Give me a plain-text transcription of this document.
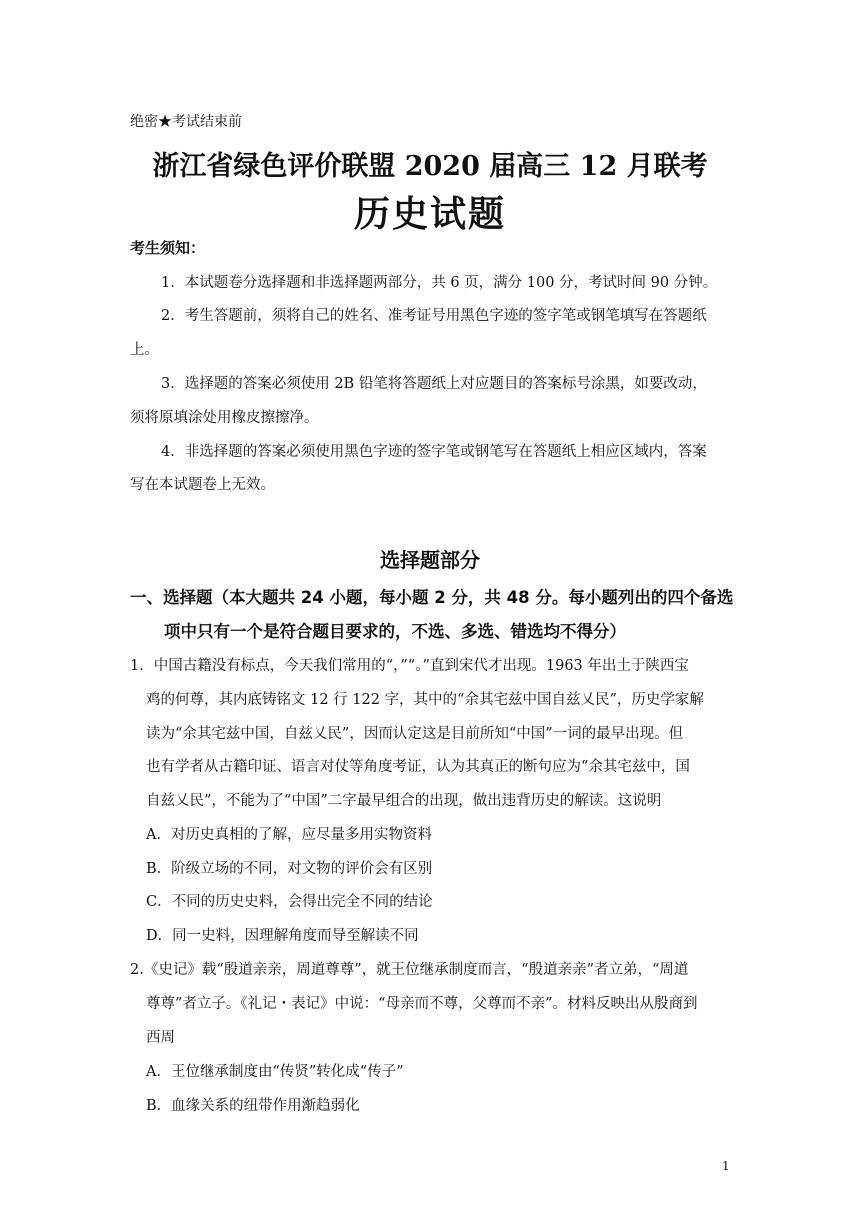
绝密★考试结束前
浙江省绿色评价联盟 2020 届高三 12 月联考
历史试题
考生须知：
1．本试题卷分选择题和非选择题两部分，共 6 页，满分 100 分，考试时间 90 分钟。
2．考生答题前，须将自己的姓名、准考证号用黑色字迹的签字笔或钢笔填写在答题纸
上。
3．选择题的答案必须使用 2B 铅笔将答题纸上对应题目的答案标号涂黑，如要改动，
须将原填涂处用橡皮擦擦净。
4．非选择题的答案必须使用黑色字迹的签字笔或钢笔写在答题纸上相应区域内，答案
写在本试题卷上无效。
选择题部分
一、选择题（本大题共 24 小题，每小题 2 分，共 48 分。每小题列出的四个备选
项中只有一个是符合题目要求的，不选、多选、错选均不得分）
1．中国古籍没有标点，今天我们常用的“，”“。”直到宋代才出现。1963 年出土于陕西宝
鸡的何尊，其内底铸铭文 12 行 122 字，其中的“余其宅兹中国自兹乂民”，历史学家解
读为“余其宅兹中国，自兹乂民”，因而认定这是目前所知“中国”一词的最早出现。但
也有学者从古籍印证、语言对仗等角度考证，认为其真正的断句应为“余其宅兹中，国
自兹乂民”，不能为了“中国”二字最早组合的出现，做出违背历史的解读。这说明
A．对历史真相的了解，应尽量多用实物资料
B．阶级立场的不同，对文物的评价会有区别
C．不同的历史史料，会得出完全不同的结论
D．同一史料，因理解角度而导至解读不同
2.《史记》载“殷道亲亲，周道尊尊”，就王位继承制度而言，“殷道亲亲”者立弟，“周道
尊尊”者立子。《礼记・表记》中说：“母亲而不尊，父尊而不亲”。材料反映出从殷商到
西周
A．王位继承制度由“传贤”转化成“传子”
B．血缘关系的纽带作用渐趋弱化
1
